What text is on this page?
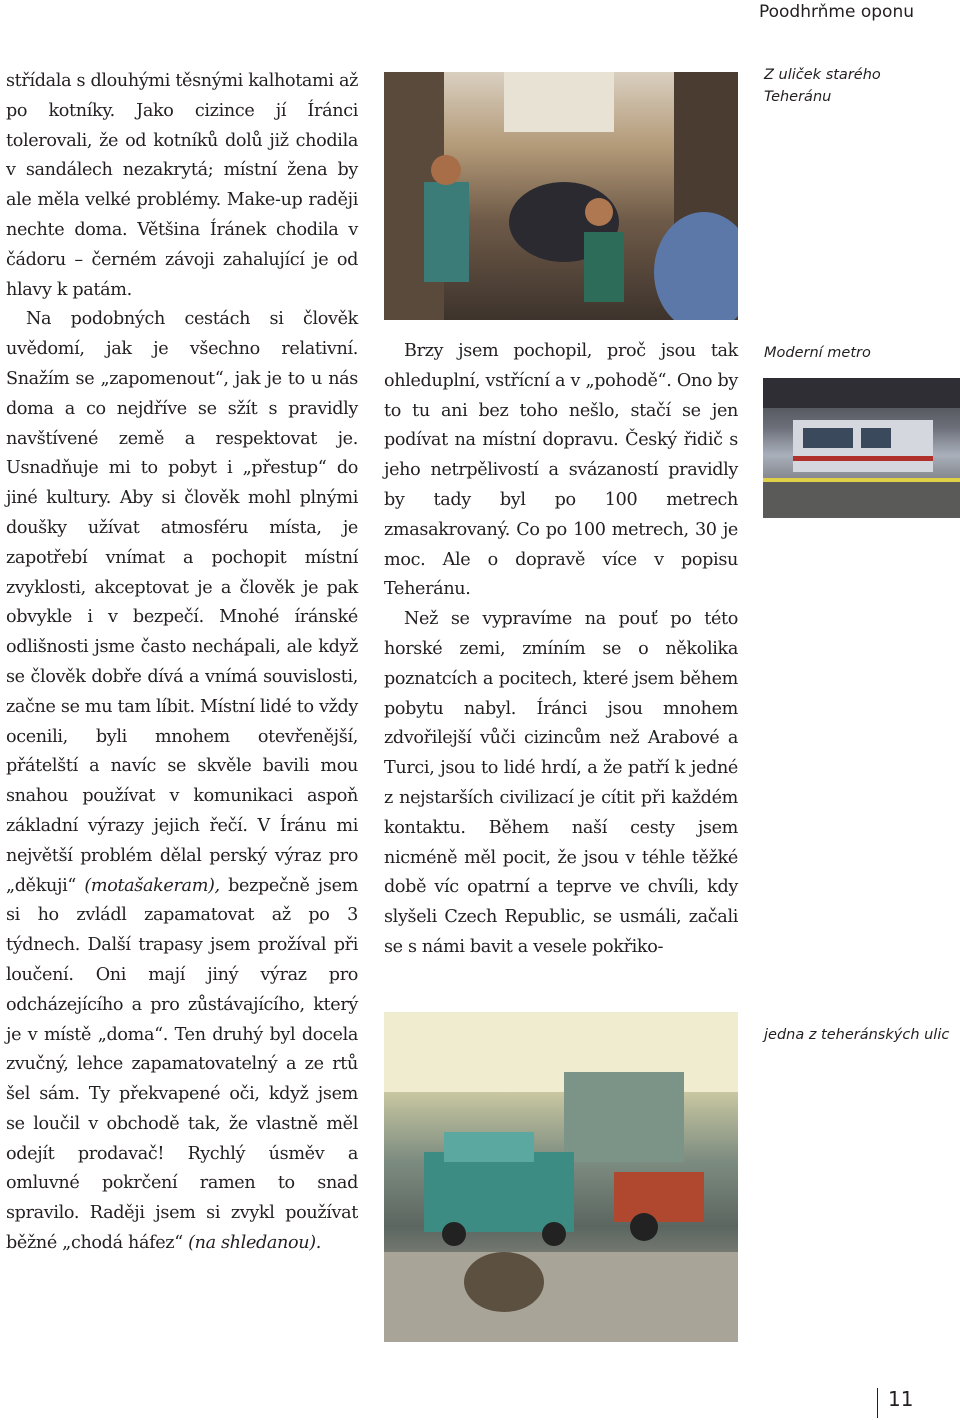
Poodhrňme oponu

střídala s dlouhými těsnými kalhotami až po kotníky. Jako cizince jí Íránci tolerovali, že od kotníků dolů již chodila v sandálech nezakrytá; místní žena by ale měla velké problémy. Make-up raději nechte doma. Většina Íránek chodila v čádoru – černém závoji zahalující je od hlavy k patám.

Na podobných cestách si člověk uvědomí, jak je všechno relativní. Snažím se „zapomenout“, jak je to u nás doma a co nejdříve se sžít s pravidly navštívené země a respektovat je. Usnadňuje mi to pobyt i „přestup“ do jiné kultury. Aby si člověk mohl plnými doušky užívat atmosféru místa, je zapotřebí vnímat a pochopit místní zvyklosti, akceptovat je a člověk je pak obvykle i v bezpečí. Mnohé íránské odlišnosti jsme často nechápali, ale když se člověk dobře dívá a vnímá souvislosti, začne se mu tam líbit. Místní lidé to vždy ocenili, byli mnohem otevřenější, přátelští a navíc se skvěle bavili mou snahou používat v komunikaci aspoň základní výrazy jejich řečí. V Íránu mi největší problém dělal perský výraz pro „děkuji“ (motašakeram), bezpečně jsem si ho zvládl zapamatovat až po 3 týdnech. Další trapasy jsem prožíval při loučení. Oni mají jiný výraz pro odcházejícího a pro zůstávajícího, který je v místě „doma“. Ten druhý byl docela zvučný, lehce zapamatovatelný a ze rtů šel sám. Ty překvapené oči, když jsem se loučil v obchodě tak, že vlastně měl odejít prodavač! Rychlý úsměv a omluvné pokrčení ramen to snad spravilo. Raději jsem si zvykl používat běžné „chodá háfez“ (na shledanou).

Z uliček starého Teheránu

Brzy jsem pochopil, proč jsou tak ohleduplní, vstřícní a v „pohodě“. Ono by to tu ani bez toho nešlo, stačí se jen podívat na místní dopravu. Český řidič s jeho netrpělivostí a svázaností pravidly by tady byl po 100 metrech zmasakrovaný. Co po 100 metrech, 30 je moc. Ale o dopravě více v popisu Teheránu.

Než se vypravíme na pouť po této horské zemi, zmíním se o několika poznatcích a pocitech, které jsem během pobytu nabyl. Íránci jsou mnohem zdvořilejší vůči cizincům než Arabové a Turci, jsou to lidé hrdí, a že patří k jedné z nejstarších civilizací je cítit při každém kontaktu. Během naší cesty jsem nicméně měl pocit, že jsou v téhle těžké době víc opatrní a teprve ve chvíli, kdy slyšeli Czech Republic, se usmáli, začali se s námi bavit a vesele pokřiko-

Moderní metro
jedna z teheránských ulic
11
